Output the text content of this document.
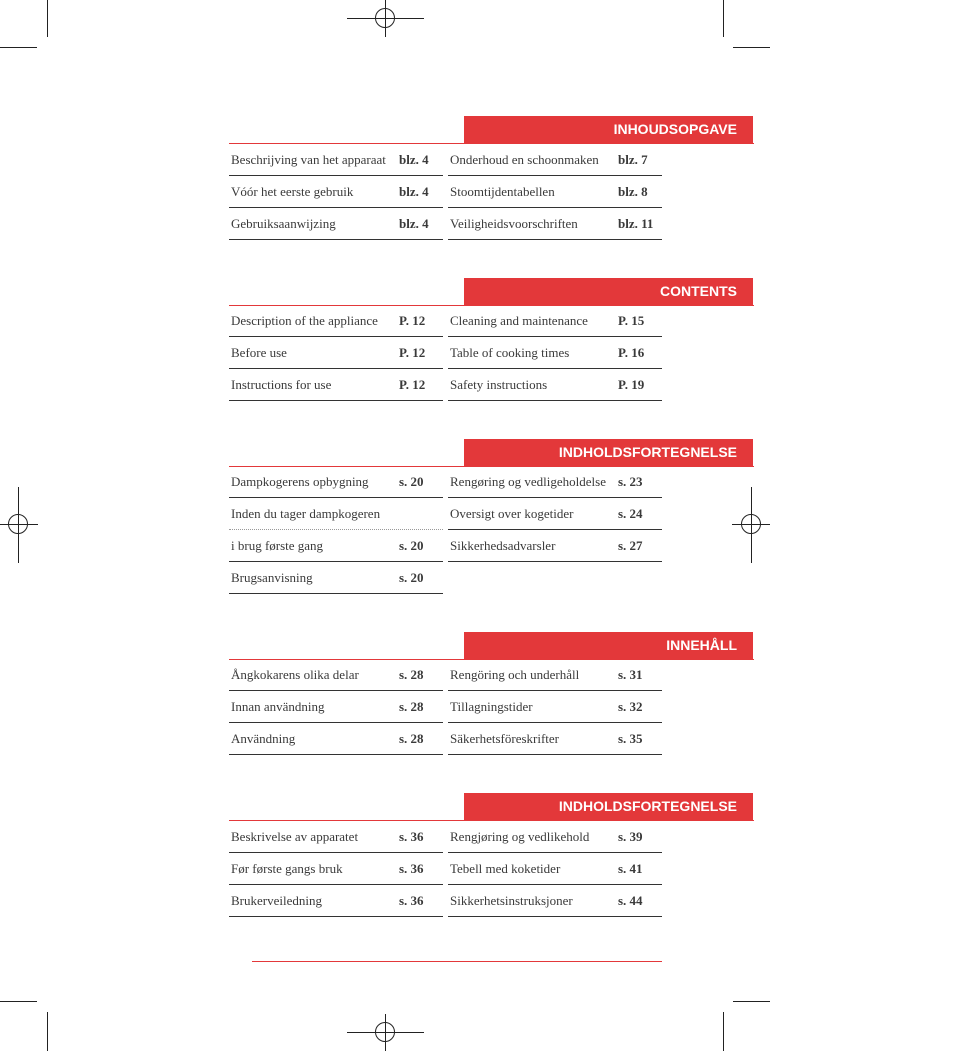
INHOUDSOPGAVE
Beschrijving van het apparaat blz. 4
Vóór het eerste gebruik	blz. 4
Gebruiksaanwijzing	blz. 4
Onderhoud en schoonmaken blz. 7
Stoomtijdentabellen	blz. 8
Veiligheidsvoorschriften	blz. 11
CONTENTS
Description of the appliance P. 12
Before use	P. 12
Instructions for use	P. 12
Cleaning and maintenance P. 15
Table of cooking times	P. 16
Safety instructions	P. 19
INDHOLDSFORTEGNELSE
Dampkogerens opbygning s. 20
Inden du tager dampkogeren
i brug første gang	s. 20
Brugsanvisning	s. 20
Rengøring og vedligeholdelse s. 23
Oversigt over kogetider	s. 24
Sikkerhedsadvarsler	s. 27
INNEHÅLL
Ångkokarens olika delar	s. 28
Innan användning	s. 28
Användning	s. 28
Rengöring och underhåll	s. 31
Tillagningstider	s. 32
Säkerhetsföreskrifter	s. 35
INDHOLDSFORTEGNELSE
Beskrivelse av apparatet	s. 36
Før første gangs bruk	s. 36
Brukerveiledning	s. 36
Rengjøring og vedlikehold s. 39
Tebell med koketider	s. 41
Sikkerhetsinstruksjoner	s. 44
